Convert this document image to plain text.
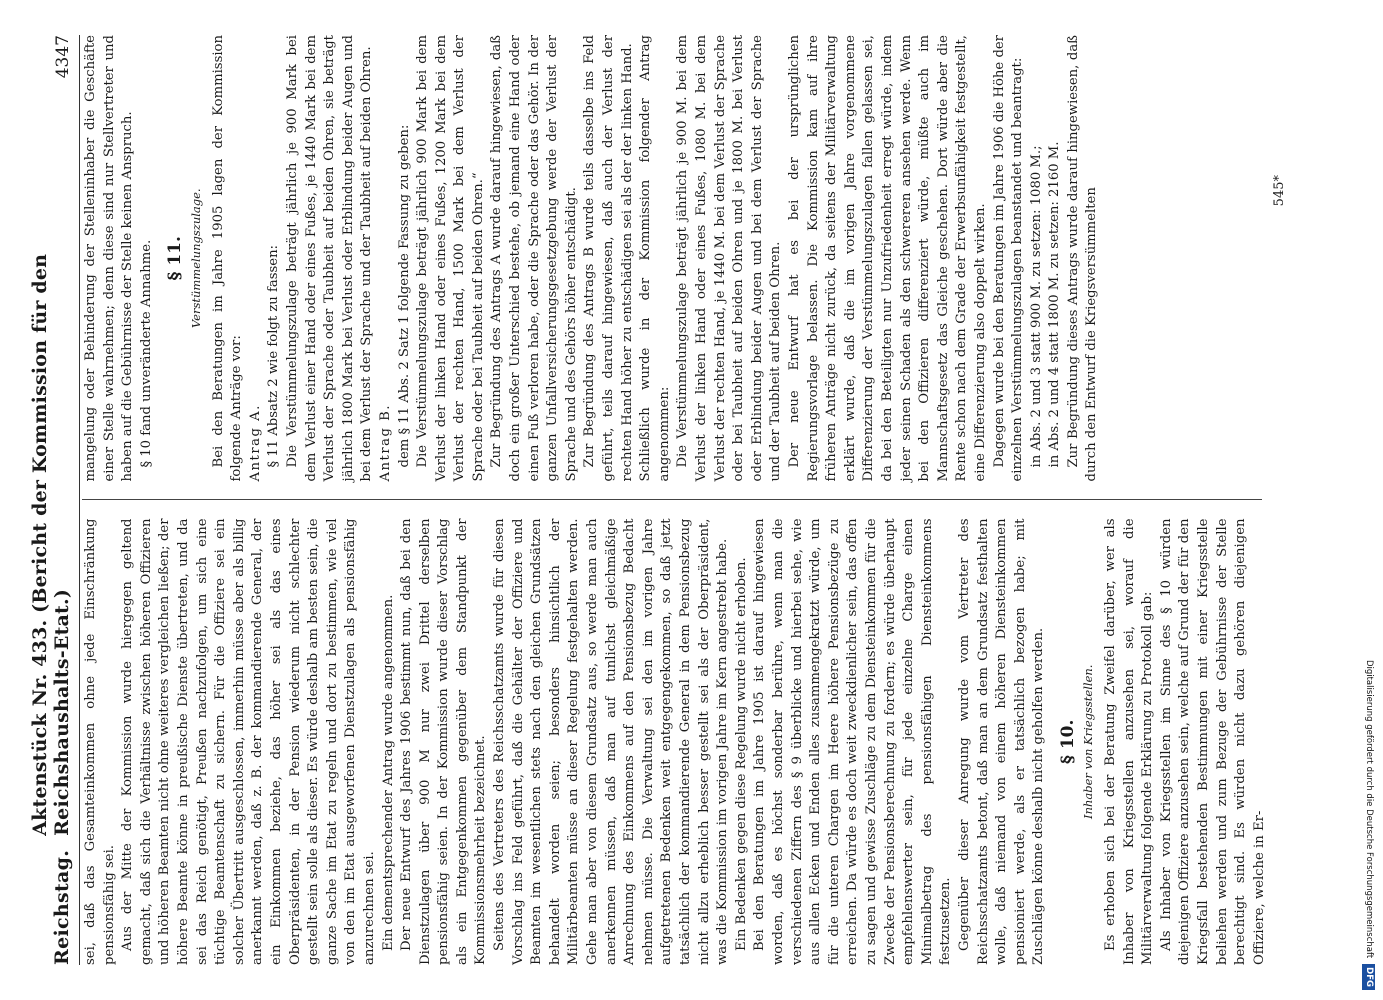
Reichstag.
Aktenstück Nr. 433. (Bericht der Kommission für den Reichshaushalts-Etat.)
4347

sei, daß das Gesamteinkommen ohne jede Einschränkung pensionsfähig sei. Aus der Mitte der Kommission wurde hiergegen geltend gemacht, daß sich die Verhältnisse zwischen höheren Offizieren und höheren Beamten nicht ohne weiteres vergleichen ließen; der höhere Beamte könne in preußische Dienste übertreten, und da sei das Reich genötigt, Preußen nachzufolgen, um sich eine tüchtige Beamtenschaft zu sichern. Für die Offiziere sei ein solcher Übertritt ausgeschlossen, immerhin müsse aber als billig anerkannt werden, daß z. B. der kommandierende General, der ein Einkommen beziehe, das höher sei als das eines Oberpräsidenten, in der Pension wiederum nicht schlechter gestellt sein solle als dieser. Es würde deshalb am besten sein, die ganze Sache im Etat zu regeln und dort zu bestimmen, wie viel von den im Etat ausgeworfenen Dienstzulagen als pensionsfähig anzurechnen sei. Ein dementsprechender Antrag wurde angenommen. Der neue Entwurf des Jahres 1906 bestimmt nun, daß bei den Dienstzulagen über 900 M nur zwei Drittel derselben pensionsfähig seien. In der Kommission wurde dieser Vorschlag als ein Entgegenkommen gegenüber dem Standpunkt der Kommissionsmehrheit bezeichnet. Seitens des Vertreters des Reichsschatzamts wurde für diesen Vorschlag ins Feld geführt, daß die Gehälter der Offiziere und Beamten im wesentlichen stets nach den gleichen Grundsätzen behandelt worden seien; besonders hinsichtlich der Militärbeamten müsse an dieser Regelung festgehalten werden. Gehe man aber von diesem Grundsatz aus, so werde man auch anerkennen müssen, daß man auf tunlichst gleichmäßige Anrechnung des Einkommens auf den Pensionsbezug Bedacht nehmen müsse. Die Verwaltung sei den im vorigen Jahre aufgetretenen Bedenken weit entgegengekommen, so daß jetzt tatsächlich der kommandierende General in dem Pensionsbezug nicht allzu erheblich besser gestellt sei als der Oberpräsident, was die Kommission im vorigen Jahre im Kern angestrebt habe. Ein Bedenken gegen diese Regelung wurde nicht erhoben. Bei den Beratungen im Jahre 1905 ist darauf hingewiesen worden, daß es höchst sonderbar berühre, wenn man die verschiedenen Ziffern des § 9 überblicke und hierbei sehe, wie aus allen Ecken und Enden alles zusammengekratzt würde, um für die unteren Chargen im Heere höhere Pensionsbezüge zu erreichen. Da würde es doch weit zweckdienlicher sein, das offen zu sagen und gewisse Zuschläge zu dem Diensteinkommen für die Zwecke der Pensionsberechnung zu fordern; es würde überhaupt empfehlenswerter sein, für jede einzelne Charge einen Minimalbetrag des pensionsfähigen Diensteinkommens festzusetzen. Gegenüber dieser Anregung wurde vom Vertreter des Reichsschatzamts betont, daß man an dem Grundsatz festhalten wolle, daß niemand von einem höheren Diensteinkommen pensioniert werde, als er tatsächlich bezogen habe; mit Zuschlägen könne deshalb nicht geholfen werden. § 10. Inhaber von Kriegsstellen. Es erhoben sich bei der Beratung Zweifel darüber, wer als Inhaber von Kriegsstellen anzusehen sei, worauf die Militärverwaltung folgende Erklärung zu Protokoll gab: Als Inhaber von Kriegsstellen im Sinne des § 10 würden diejenigen Offiziere anzusehen sein, welche auf Grund der für den Kriegsfall bestehenden Bestimmungen mit einer Kriegsstelle beliehen werden und zum Bezuge der Gebührnisse der Stelle berechtigt sind. Es würden nicht dazu gehören diejenigen Offiziere, welche in Er-

mangelung oder Behinderung der Stelleninhaber die Geschäfte einer Stelle wahrnehmen; denn diese sind nur Stellvertreter und haben auf die Gebührnisse der Stelle keinen Anspruch. § 10 fand unveränderte Annahme. § 11. Verstümmelungszulage. Bei den Beratungen im Jahre 1905 lagen der Kommission folgende Anträge vor: Antrag A. § 11 Absatz 2 wie folgt zu fassen: Die Verstümmelungszulage beträgt jährlich je 900 Mark bei dem Verlust einer Hand oder eines Fußes, je 1440 Mark bei dem Verlust der Sprache oder Taubheit auf beiden Ohren, sie beträgt jährlich 1800 Mark bei Verlust oder Erblindung beider Augen und bei dem Verlust der Sprache und der Taubheit auf beiden Ohren. Antrag B. dem § 11 Abs. 2 Satz 1 folgende Fassung zu geben: Die Verstümmelungszulage beträgt jährlich 900 Mark bei dem Verlust der linken Hand oder eines Fußes, 1200 Mark bei dem Verlust der rechten Hand, 1500 Mark bei dem Verlust der Sprache oder bei Taubheit auf beiden Ohren.“ Zur Begründung des Antrags A wurde darauf hingewiesen, daß doch ein großer Unterschied bestehe, ob jemand eine Hand oder einen Fuß verloren habe, oder die Sprache oder das Gehör. In der ganzen Unfallversicherungsgesetzgebung werde der Verlust der Sprache und des Gehörs höher entschädigt. Zur Begründung des Antrags B wurde teils dasselbe ins Feld geführt, teils darauf hingewiesen, daß auch der Verlust der rechten Hand höher zu entschädigen sei als der der linken Hand. Schließlich wurde in der Kommission folgender Antrag angenommen: Die Verstümmelungszulage beträgt jährlich je 900 M. bei dem Verlust der linken Hand oder eines Fußes, 1080 M. bei dem Verlust der rechten Hand, je 1440 M. bei dem Verlust der Sprache oder bei Taubheit auf beiden Ohren und je 1800 M. bei Verlust oder Erblindung beider Augen und bei dem Verlust der Sprache und der Taubheit auf beiden Ohren. Der neue Entwurf hat es bei der ursprünglichen Regierungsvorlage belassen. Die Kommission kam auf ihre früheren Anträge nicht zurück, da seitens der Militärverwaltung erklärt wurde, daß die im vorigen Jahre vorgenommene Differenzierung der Verstümmelungszulagen fallen gelassen sei, da bei den Beteiligten nur Unzufriedenheit erregt würde, indem jeder seinen Schaden als den schwereren ansehen werde. Wenn bei den Offizieren differenziert würde, müßte auch im Mannschaftsgesetz das Gleiche geschehen. Dort würde aber die Rente schon nach dem Grade der Erwerbsunfähigkeit festgestellt, eine Differenzierung also doppelt wirken. Dagegen wurde bei den Beratungen im Jahre 1906 die Höhe der einzelnen Verstümmelungszulagen beanstandet und beantragt: in Abs. 2 und 3 statt 900 M. zu setzen: 1080 M.; in Abs. 2 und 4 statt 1800 M. zu setzen: 2160 M. Zur Begründung dieses Antrags wurde darauf hingewiesen, daß durch den Entwurf die Kriegsversümmelten	545*
Digitalisierung gefördert durch die Deutsche Forschungsgemeinschaft
DFG
